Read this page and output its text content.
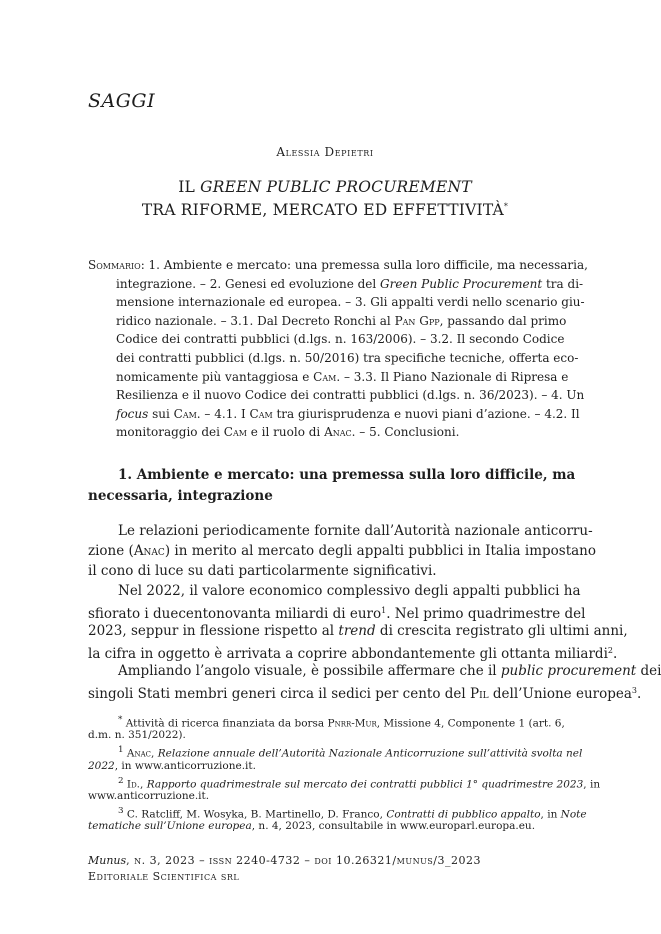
SAGGI
Alessia Depietri
IL GREEN PUBLIC PROCUREMENT
TRA RIFORME, MERCATO ED EFFETTIVITÀ*
Sommario: 1. Ambiente e mercato: una premessa sulla loro difficile, ma necessaria,
integrazione. – 2. Genesi ed evoluzione del Green Public Procurement tra di-
mensione internazionale ed europea. – 3. Gli appalti verdi nello scenario giu-
ridico nazionale. – 3.1. Dal Decreto Ronchi al Pan Gpp, passando dal primo
Codice dei contratti pubblici (d.lgs. n. 163/2006). – 3.2. Il secondo Codice
dei contratti pubblici (d.lgs. n. 50/2016) tra specifiche tecniche, offerta eco-
nomicamente più vantaggiosa e Cam. – 3.3. Il Piano Nazionale di Ripresa e
Resilienza e il nuovo Codice dei contratti pubblici (d.lgs. n. 36/2023). – 4. Un
focus sui Cam. – 4.1. I Cam tra giurisprudenza e nuovi piani d’azione. – 4.2. Il
monitoraggio dei Cam e il ruolo di Anac. – 5. Conclusioni.
1. Ambiente e mercato: una premessa sulla loro difficile, ma
necessaria, integrazione
Le relazioni periodicamente fornite dall’Autorità nazionale anticorru-
zione (Anac) in merito al mercato degli appalti pubblici in Italia impostano
il cono di luce su dati particolarmente significativi.
Nel 2022, il valore economico complessivo degli appalti pubblici ha
sfiorato i duecentonovanta miliardi di euro$^1$. Nel primo quadrimestre del
2023, seppur in flessione rispetto al trend di crescita registrato gli ultimi anni,
la cifra in oggetto è arrivata a coprire abbondantemente gli ottanta miliardi$^2$.
Ampliando l’angolo visuale, è possibile affermare che il public procurement dei
singoli Stati membri generi circa il sedici per cento del Pil dell’Unione europea$^3$.
* Attività di ricerca finanziata da borsa Pnrr-Mur, Missione 4, Componente 1 (art. 6,
d.m. n. 351/2022).
$^1$ Anac, Relazione annuale dell’Autorità Nazionale Anticorruzione sull’attività svolta nel
2022, in www.anticorruzione.it.
$^2$ Id., Rapporto quadrimestrale sul mercato dei contratti pubblici 1° quadrimestre 2023, in
www.anticorruzione.it.
$^3$ C. Ratcliff, M. Wosyka, B. Martinello, D. Franco, Contratti di pubblico appalto, in Note
tematiche sull’Unione europea, n. 4, 2023, consultabile in www.europarl.europa.eu.
Munus, n. 3, 2023 – issn 2240-4732 – doi 10.26321/munus/3_2023
Editoriale Scientifica srl
